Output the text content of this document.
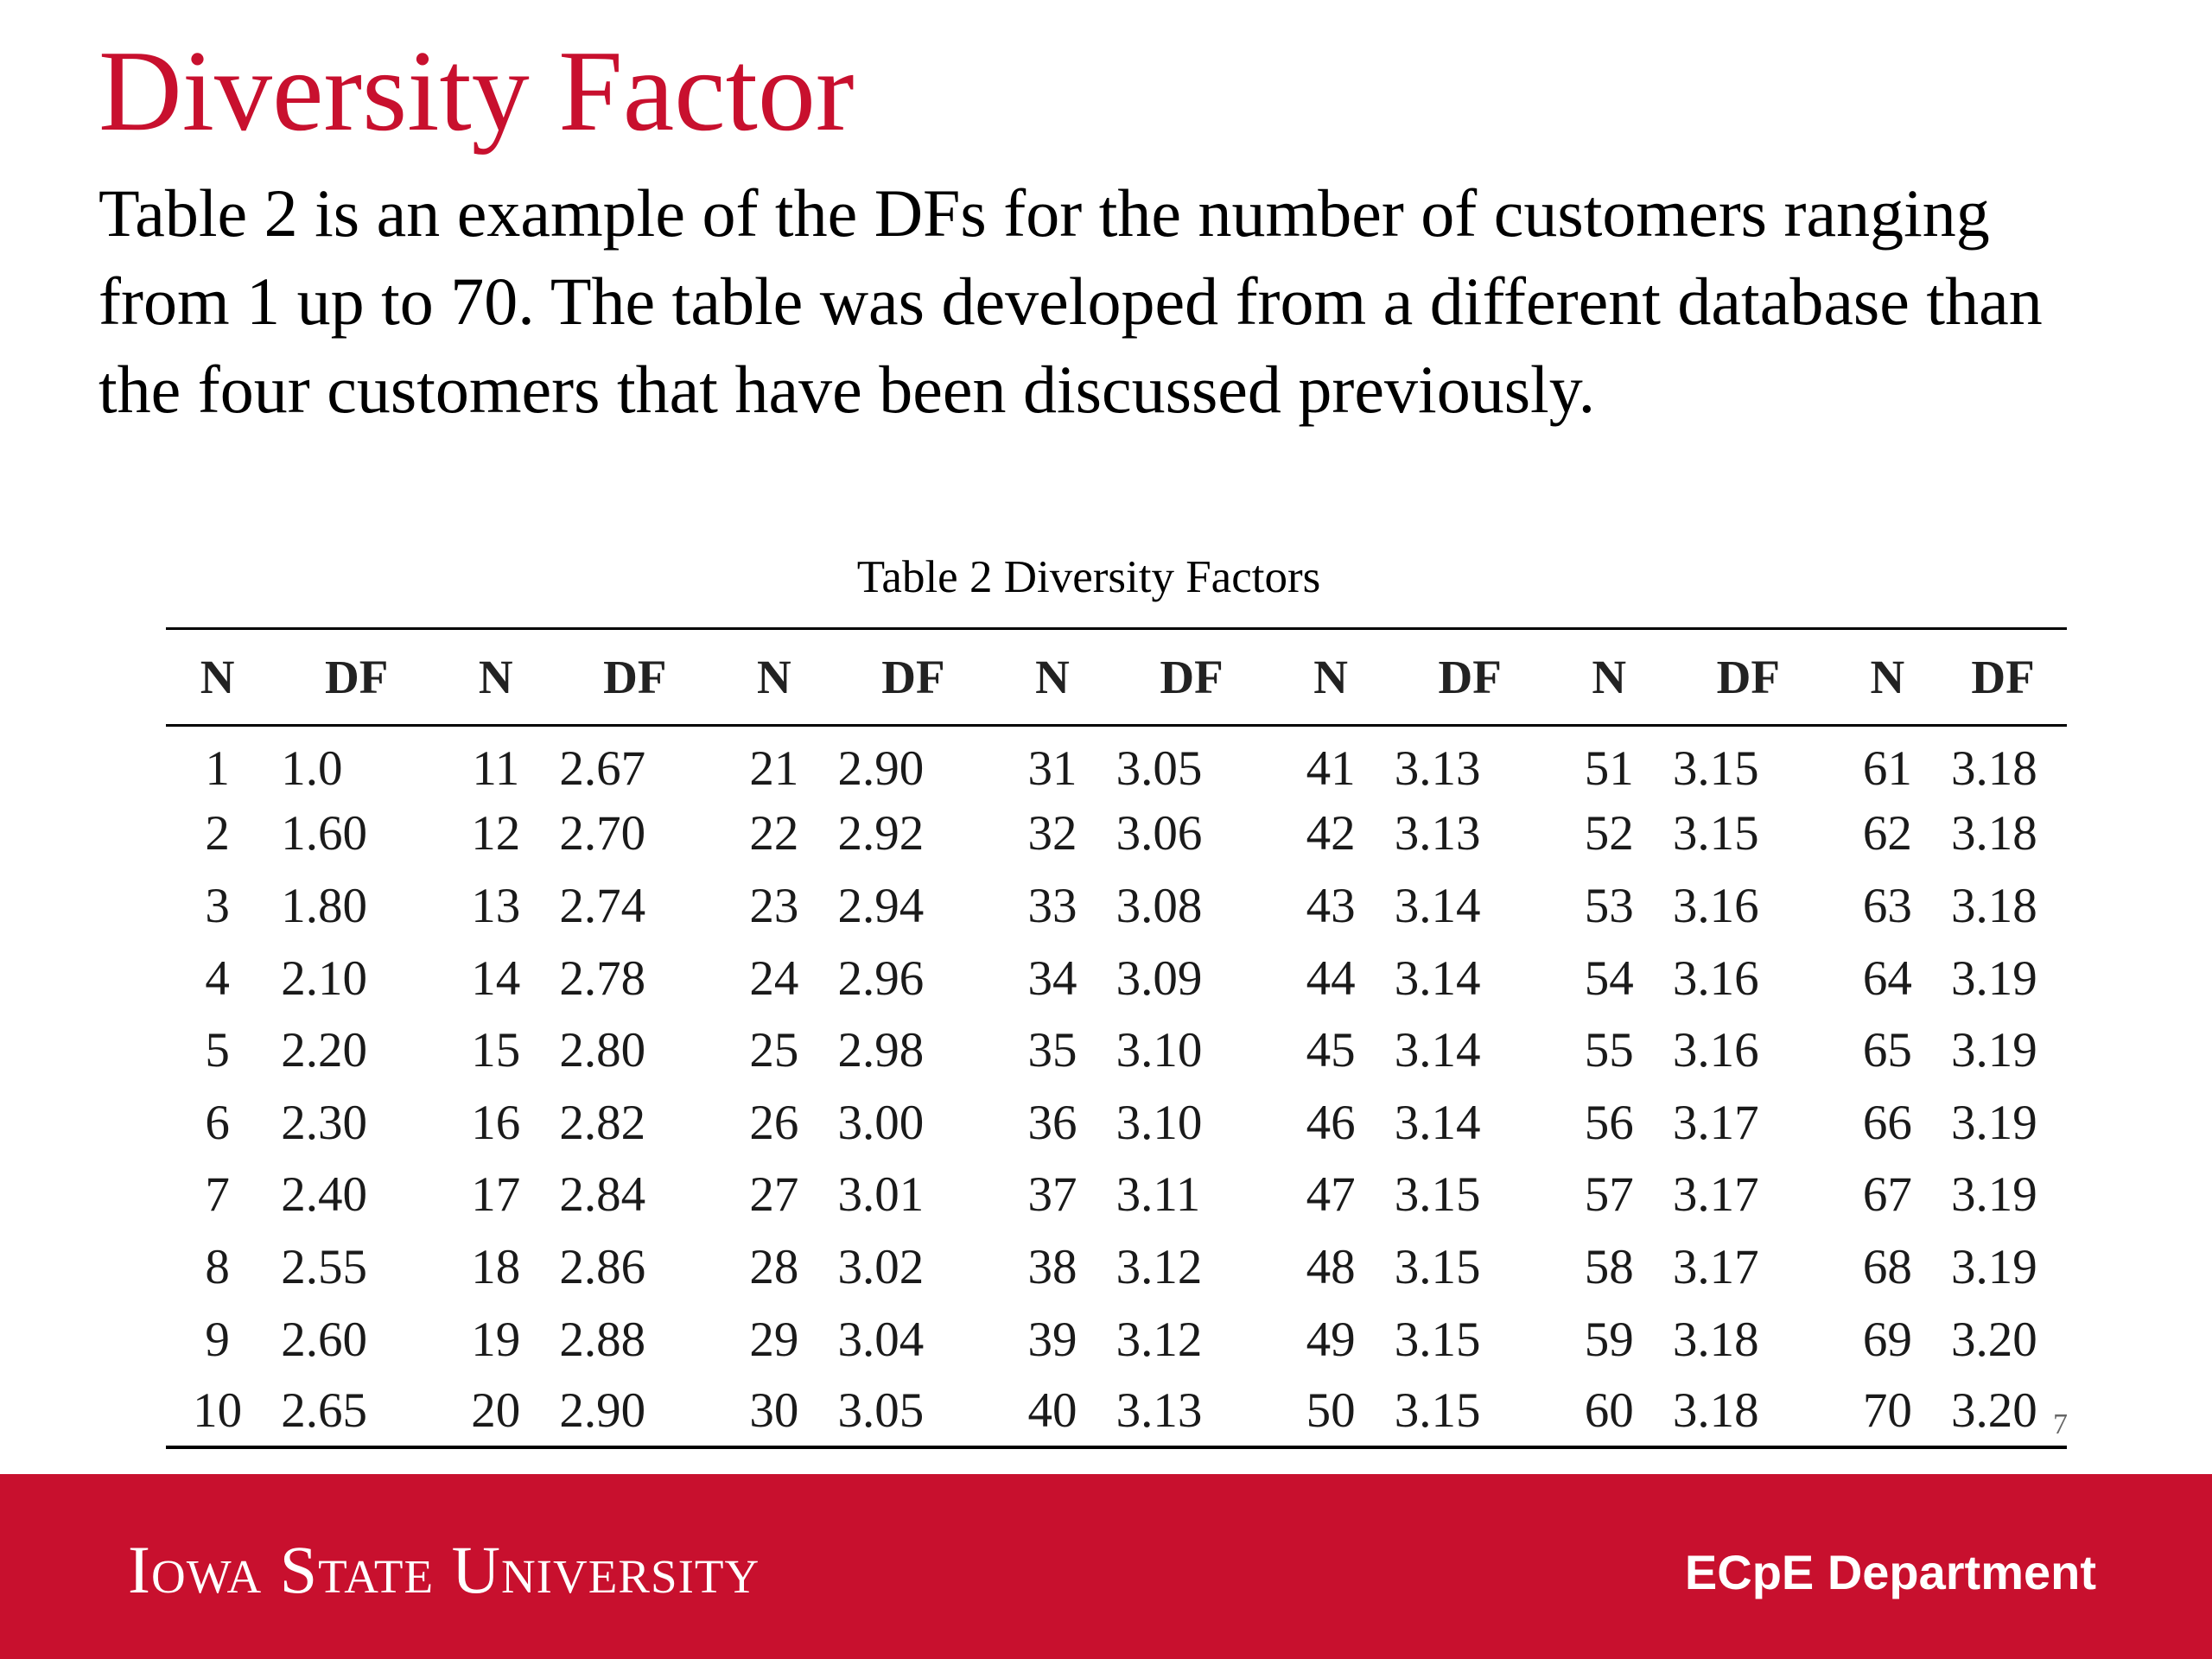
Diversity Factor

Table 2 is an example of the DFs for the number of customers ranging from 1 up to 70. The table was developed from a different database than the four customers that have been discussed previously.

Table 2 Diversity Factors
N	DF	N	DF	N	DF	N	DF	N	DF	N	DF	N	DF
1	1.0	11	2.67	21	2.90	31	3.05	41	3.13	51	3.15	61	3.18
2	1.60	12	2.70	22	2.92	32	3.06	42	3.13	52	3.15	62	3.18
3	1.80	13	2.74	23	2.94	33	3.08	43	3.14	53	3.16	63	3.18
4	2.10	14	2.78	24	2.96	34	3.09	44	3.14	54	3.16	64	3.19
5	2.20	15	2.80	25	2.98	35	3.10	45	3.14	55	3.16	65	3.19
6	2.30	16	2.82	26	3.00	36	3.10	46	3.14	56	3.17	66	3.19
7	2.40	17	2.84	27	3.01	37	3.11	47	3.15	57	3.17	67	3.19
8	2.55	18	2.86	28	3.02	38	3.12	48	3.15	58	3.17	68	3.19
9	2.60	19	2.88	29	3.04	39	3.12	49	3.15	59	3.18	69	3.20
10	2.65	20	2.90	30	3.05	40	3.13	50	3.15	60	3.18	70	3.20 7
Iowa State University	ECpE Department
